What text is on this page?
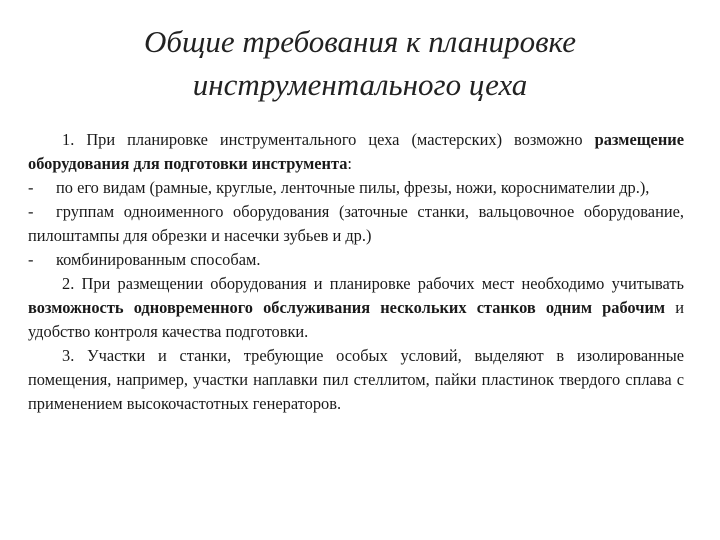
Общие требования к планировке
инструментального цеха

1. При планировке инструментального цеха (мастерских) возможно размещение оборудования для подготовки инструмента:

- по его видам (рамные, круглые, ленточные пилы, фрезы, ножи, короснимателии др.),

- группам одноименного оборудования (заточные станки, вальцовочное оборудование, пилоштампы для обрезки и насечки зубьев и др.)

- комбинированным способам.

2. При размещении оборудования и планировке рабочих мест необходимо учитывать возможность одновременного обслуживания нескольких станков одним рабочим и удобство контроля качества подготовки.

3. Участки и станки, требующие особых условий, выделяют в изолированные помещения, например, участки наплавки пил стеллитом, пайки пластинок твердого сплава с применением высокочастотных генераторов.
